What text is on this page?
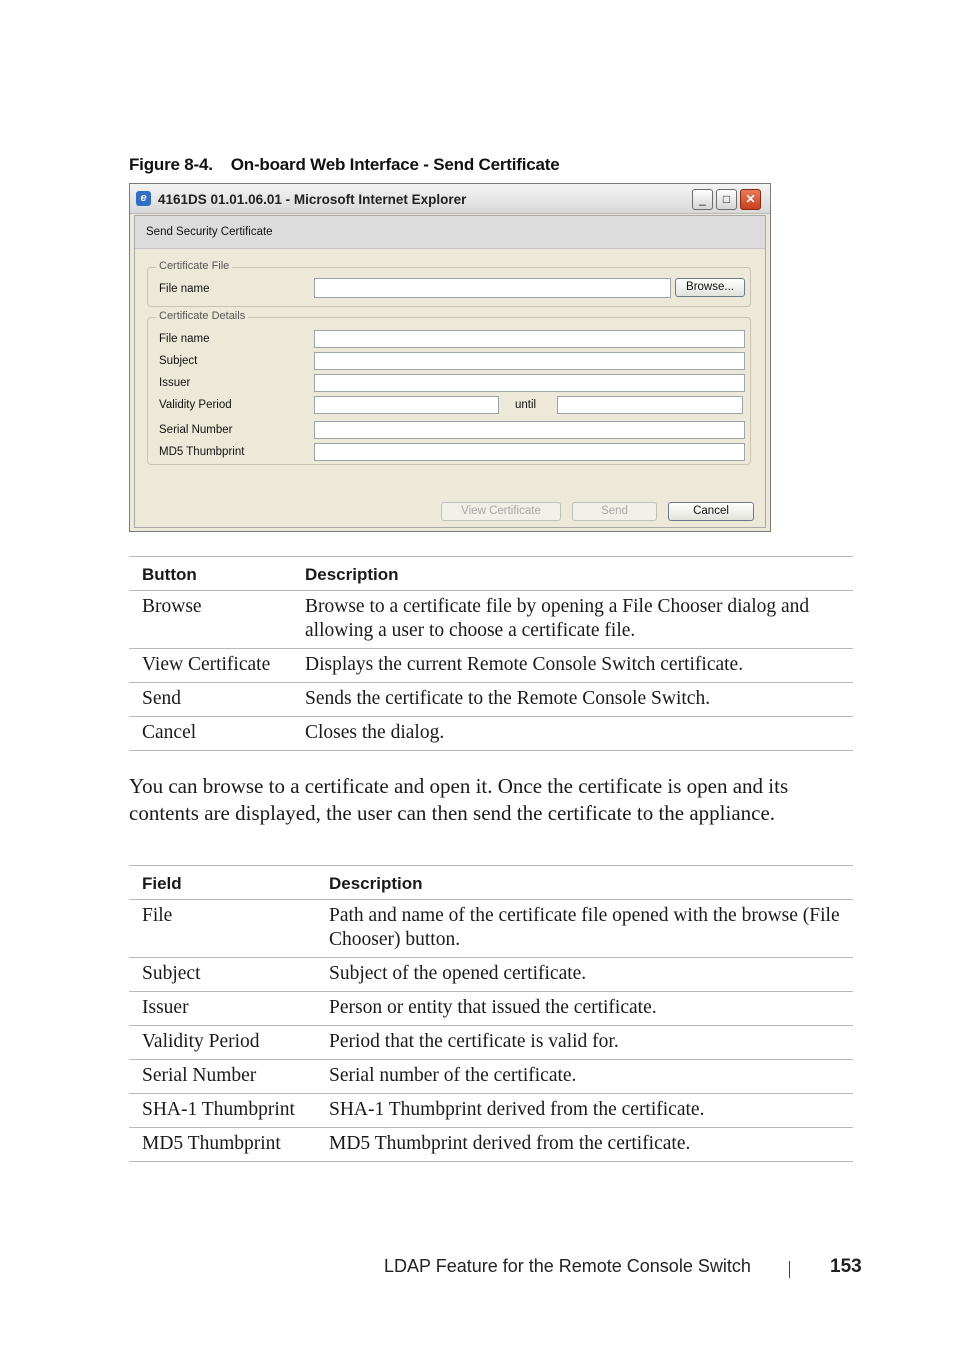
Figure 8-4. On-board Web Interface - Send Certificate
e 4161DS 01.01.06.01 - Microsoft Internet Explorer	_	□	✕
Send Security Certificate
Certificate File
File name	Browse...
Certificate Details
File name
Subject
Issuer
Validity Period	until
Serial Number
MD5 Thumbprint
View Certificate	Send	Cancel
Button	Description
Browse	Browse to a certificate file by opening a File Chooser dialog and allowing a user to choose a certificate file.
View Certificate	Displays the current Remote Console Switch certificate.
Send	Sends the certificate to the Remote Console Switch.
Cancel	Closes the dialog.

You can browse to a certificate and open it. Once the certificate is open and its contents are displayed, the user can then send the certificate to the appliance.

Field	Description
File	Path and name of the certificate file opened with the browse (File Chooser) button.
Subject	Subject of the opened certificate.
Issuer	Person or entity that issued the certificate.
Validity Period	Period that the certificate is valid for.
Serial Number	Serial number of the certificate.
SHA-1 Thumbprint	SHA-1 Thumbprint derived from the certificate.
MD5 Thumbprint	MD5 Thumbprint derived from the certificate.
LDAP Feature for the Remote Console Switch	153
